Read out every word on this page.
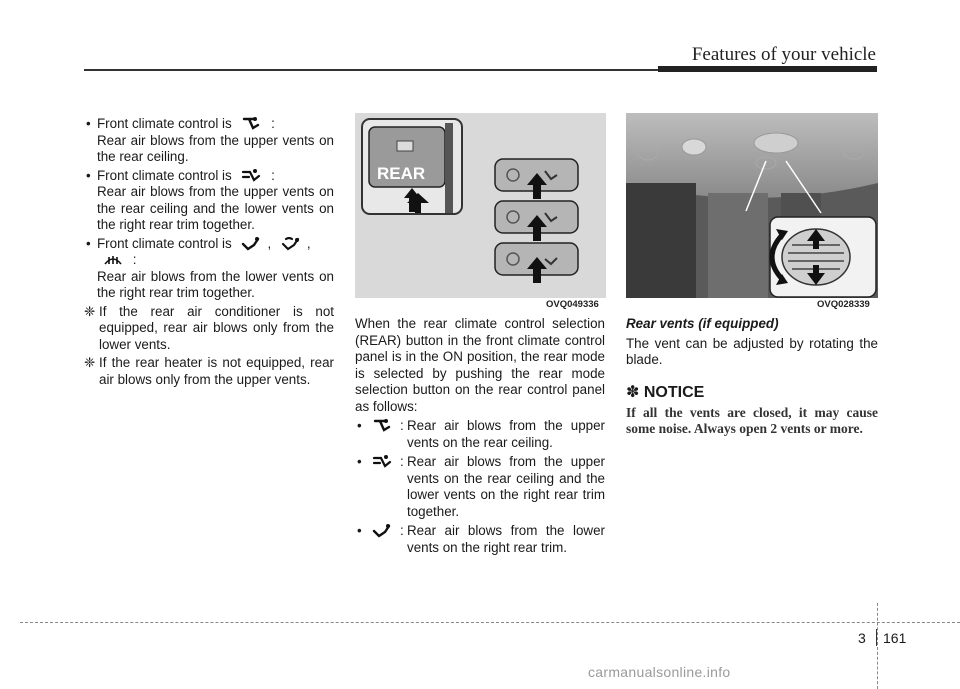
Features of your vehicle
• Front climate control is	:
Rear air blows from the upper vents on the rear ceiling.
• Front climate control is	:
Rear air blows from the upper vents on the rear ceiling and the lower vents on the right rear trim together.
• Front climate control is	,	,  :
Rear air blows from the lower vents on the right rear trim together.
❈ If the rear air conditioner is not equipped, rear air blows only from the lower vents.
❈ If the rear heater is not equipped, rear air blows only from the upper vents.
REAR
OVQ049336	OVQ028339
When the rear climate control selection (REAR) button in the front climate control panel is in the ON position, the rear mode is selected by pushing the rear mode selection button on the rear control panel as follows:
•	: Rear air blows from the upper vents on the rear ceiling.
•	: Rear air blows from the upper vents on the rear ceiling and the lower vents on the right rear trim together.
•	: Rear air blows from the lower vents on the right rear trim.
Rear vents (if equipped)
The vent can be adjusted by rotating the blade.
✽ NOTICE
If all the vents are closed, it may cause some noise. Always open 2 vents or more.
3 161
carmanualsonline.info
